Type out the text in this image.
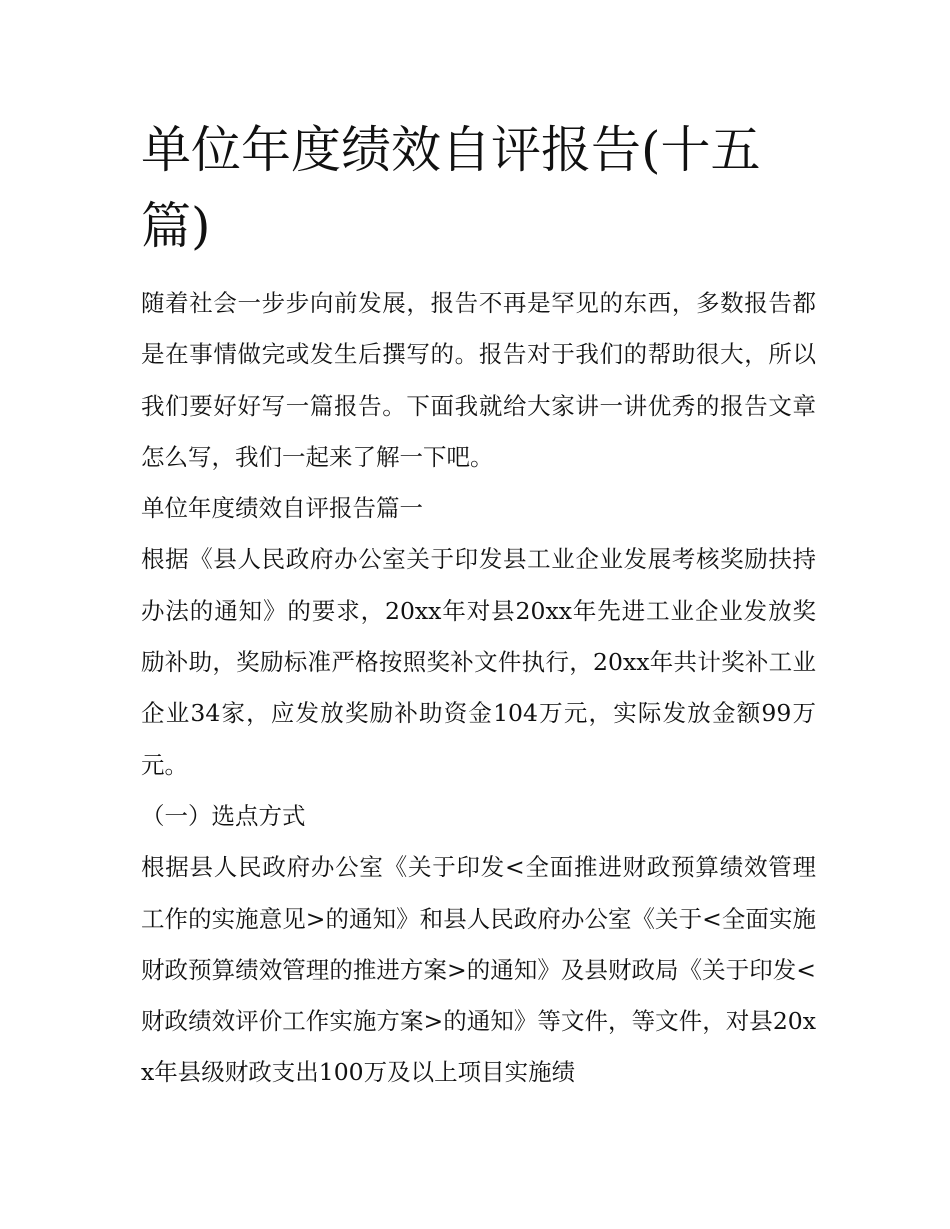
单位年度绩效自评报告(十五篇)

随着社会一步步向前发展，报告不再是罕见的东西，多数报告都是在事情做完或发生后撰写的。报告对于我们的帮助很大，所以我们要好好写一篇报告。下面我就给大家讲一讲优秀的报告文章怎么写，我们一起来了解一下吧。

单位年度绩效自评报告篇一

根据《县人民政府办公室关于印发县工业企业发展考核奖励扶持办法的通知》的要求，20xx年对县20xx年先进工业企业发放奖励补助，奖励标准严格按照奖补文件执行，20xx年共计奖补工业企业34家，应发放奖励补助资金104万元，实际发放金额99万元。

（一）选点方式

根据县人民政府办公室《关于印发<全面推进财政预算绩效管理工作的实施意见>的通知》和县人民政府办公室《关于<全面实施财政预算绩效管理的推进方案>的通知》及县财政局《关于印发<财政绩效评价工作实施方案>的通知》等文件，等文件，对县20xx年县级财政支出100万及以上项目实施绩
